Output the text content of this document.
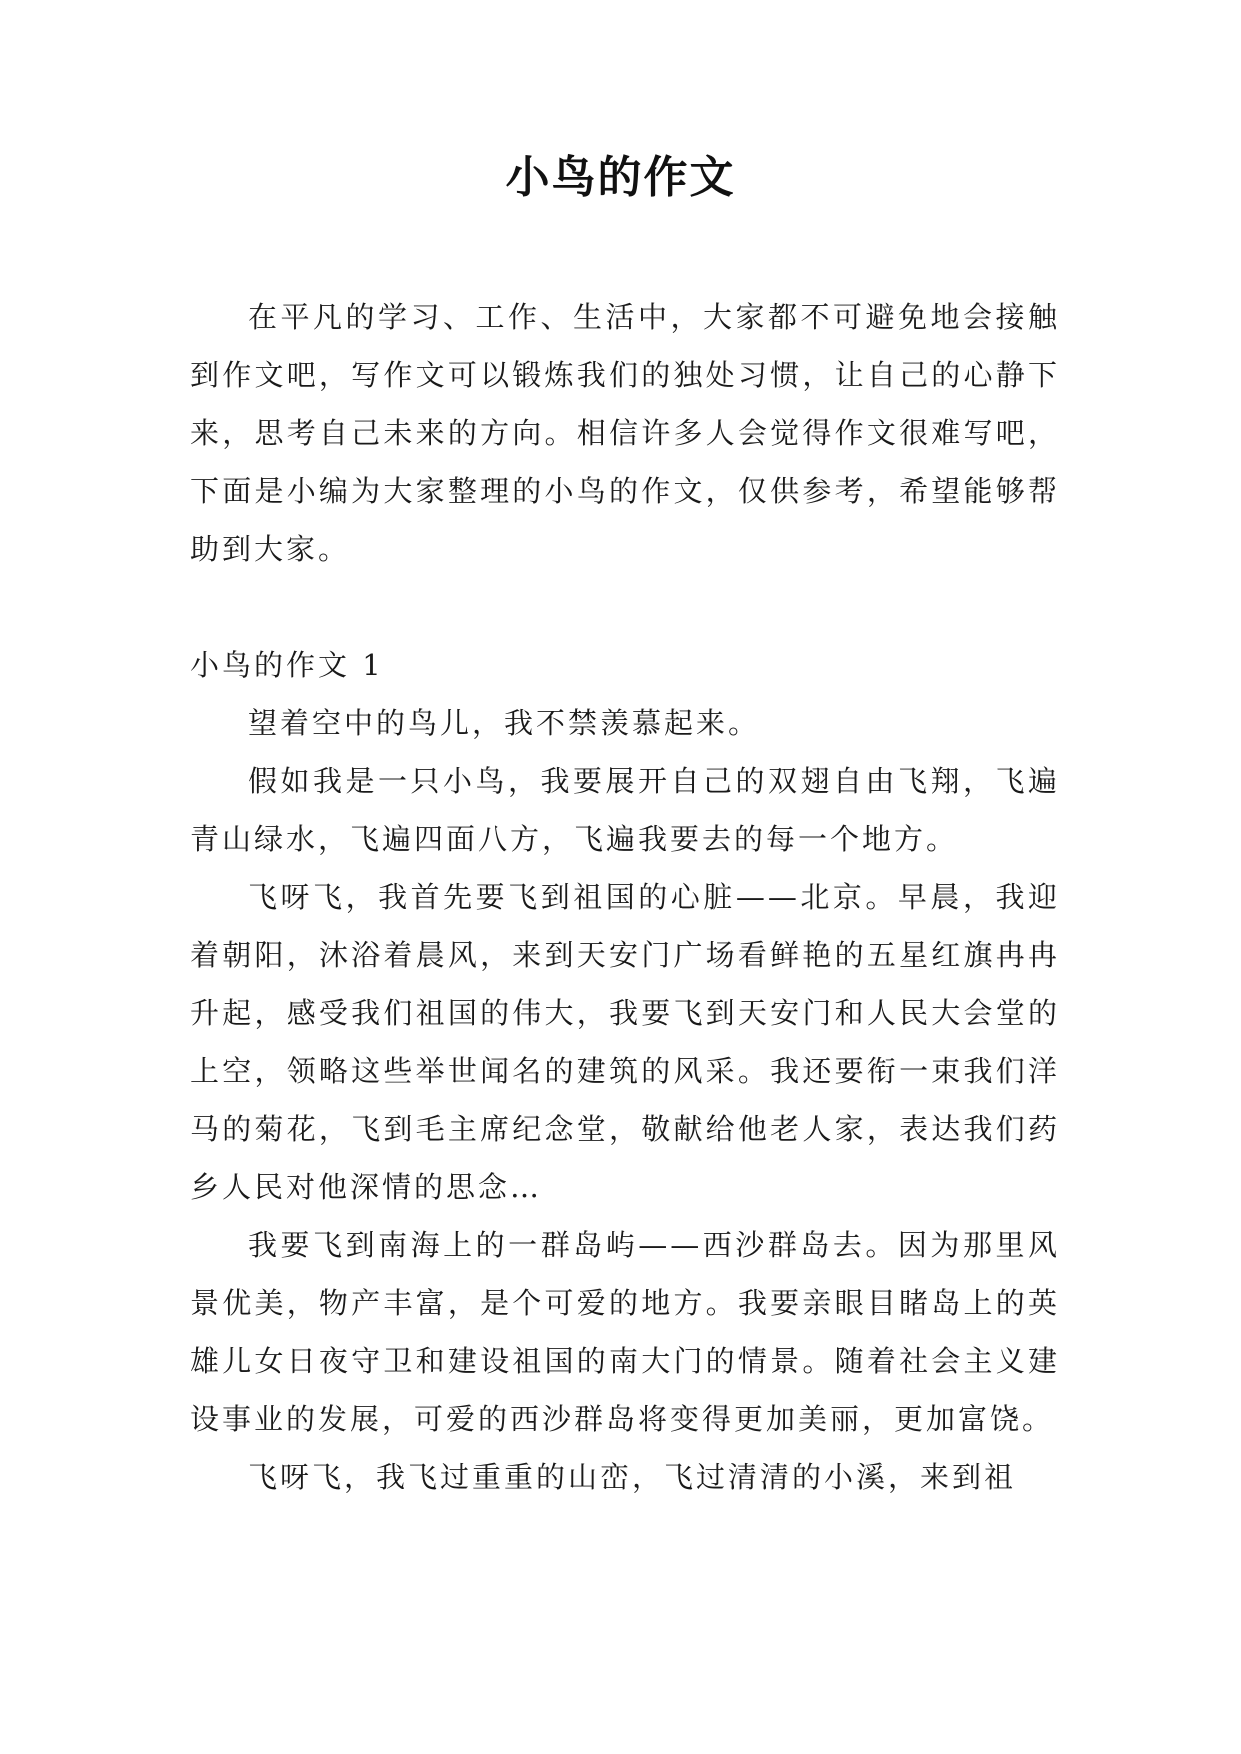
小鸟的作文

在平凡的学习、工作、生活中，大家都不可避免地会接触到作文吧，写作文可以锻炼我们的独处习惯，让自己的心静下来，思考自己未来的方向。相信许多人会觉得作文很难写吧，下面是小编为大家整理的小鸟的作文，仅供参考，希望能够帮助到大家。

小鸟的作文 1

望着空中的鸟儿，我不禁羡慕起来。

假如我是一只小鸟，我要展开自己的双翅自由飞翔，飞遍青山绿水，飞遍四面八方，飞遍我要去的每一个地方。

飞呀飞，我首先要飞到祖国的心脏——北京。早晨，我迎着朝阳，沐浴着晨风，来到天安门广场看鲜艳的五星红旗冉冉升起，感受我们祖国的伟大，我要飞到天安门和人民大会堂的上空，领略这些举世闻名的建筑的风采。我还要衔一束我们洋马的菊花，飞到毛主席纪念堂，敬献给他老人家，表达我们药乡人民对他深情的思念…

我要飞到南海上的一群岛屿——西沙群岛去。因为那里风景优美，物产丰富，是个可爱的地方。我要亲眼目睹岛上的英雄儿女日夜守卫和建设祖国的南大门的情景。随着社会主义建设事业的发展，可爱的西沙群岛将变得更加美丽，更加富饶。

飞呀飞，我飞过重重的山峦，飞过清清的小溪，来到祖
